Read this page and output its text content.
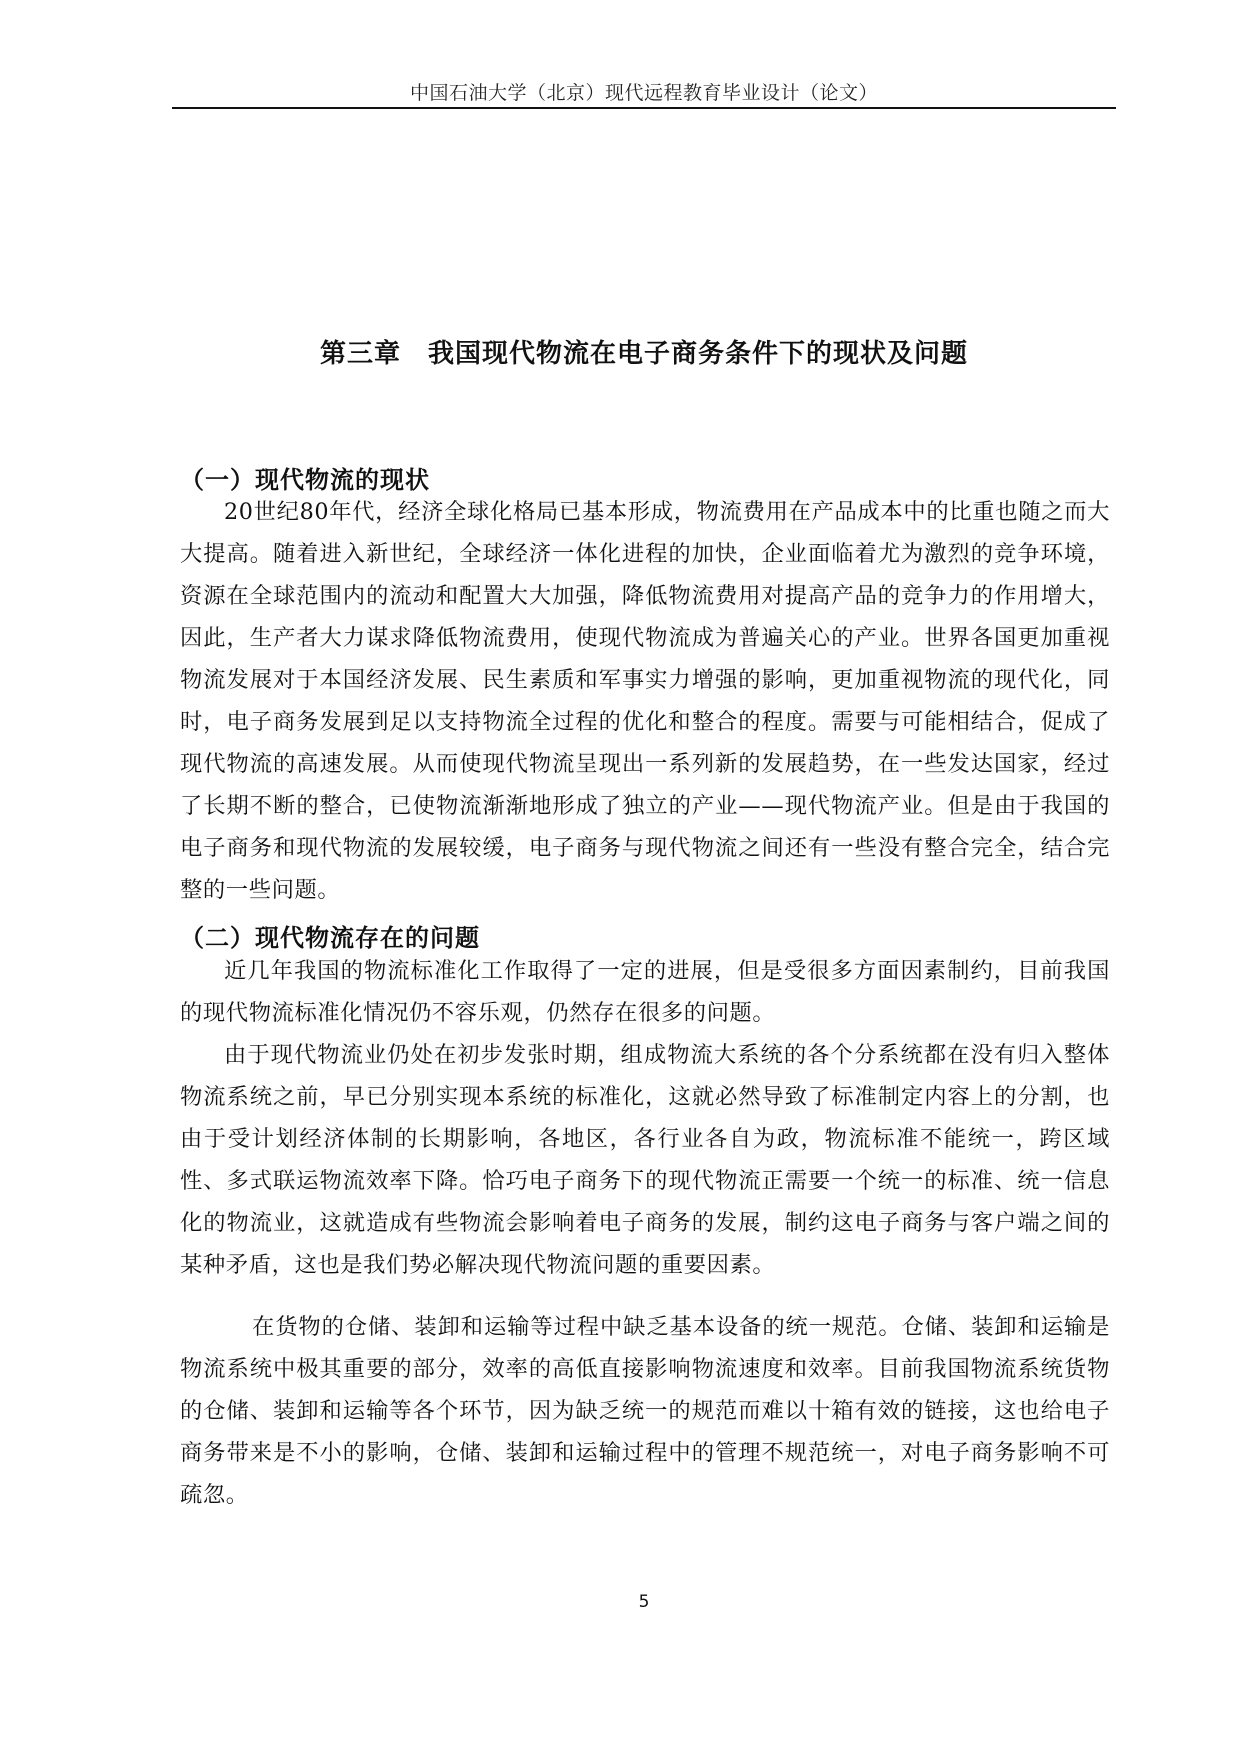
中国石油大学（北京）现代远程教育毕业设计（论文）
第三章　我国现代物流在电子商务条件下的现状及问题
（一）现代物流的现状

20世纪80年代，经济全球化格局已基本形成，物流费用在产品成本中的比重也随之而大大提高。随着进入新世纪，全球经济一体化进程的加快，企业面临着尤为激烈的竞争环境，资源在全球范围内的流动和配置大大加强，降低物流费用对提高产品的竞争力的作用增大，因此，生产者大力谋求降低物流费用，使现代物流成为普遍关心的产业。世界各国更加重视物流发展对于本国经济发展、民生素质和军事实力增强的影响，更加重视物流的现代化，同时，电子商务发展到足以支持物流全过程的优化和整合的程度。需要与可能相结合，促成了现代物流的高速发展。从而使现代物流呈现出一系列新的发展趋势，在一些发达国家，经过了长期不断的整合，已使物流渐渐地形成了独立的产业——现代物流产业。但是由于我国的电子商务和现代物流的发展较缓，电子商务与现代物流之间还有一些没有整合完全，结合完整的一些问题。

（二）现代物流存在的问题

近几年我国的物流标准化工作取得了一定的进展，但是受很多方面因素制约，目前我国的现代物流标准化情况仍不容乐观，仍然存在很多的问题。

由于现代物流业仍处在初步发张时期，组成物流大系统的各个分系统都在没有归入整体物流系统之前，早已分别实现本系统的标准化，这就必然导致了标准制定内容上的分割，也由于受计划经济体制的长期影响，各地区，各行业各自为政，物流标准不能统一，跨区域性、多式联运物流效率下降。恰巧电子商务下的现代物流正需要一个统一的标准、统一信息化的物流业，这就造成有些物流会影响着电子商务的发展，制约这电子商务与客户端之间的某种矛盾，这也是我们势必解决现代物流问题的重要因素。

在货物的仓储、装卸和运输等过程中缺乏基本设备的统一规范。仓储、装卸和运输是物流系统中极其重要的部分，效率的高低直接影响物流速度和效率。目前我国物流系统货物的仓储、装卸和运输等各个环节，因为缺乏统一的规范而难以十箱有效的链接，这也给电子商务带来是不小的影响，仓储、装卸和运输过程中的管理不规范统一，对电子商务影响不可疏忽。

5
